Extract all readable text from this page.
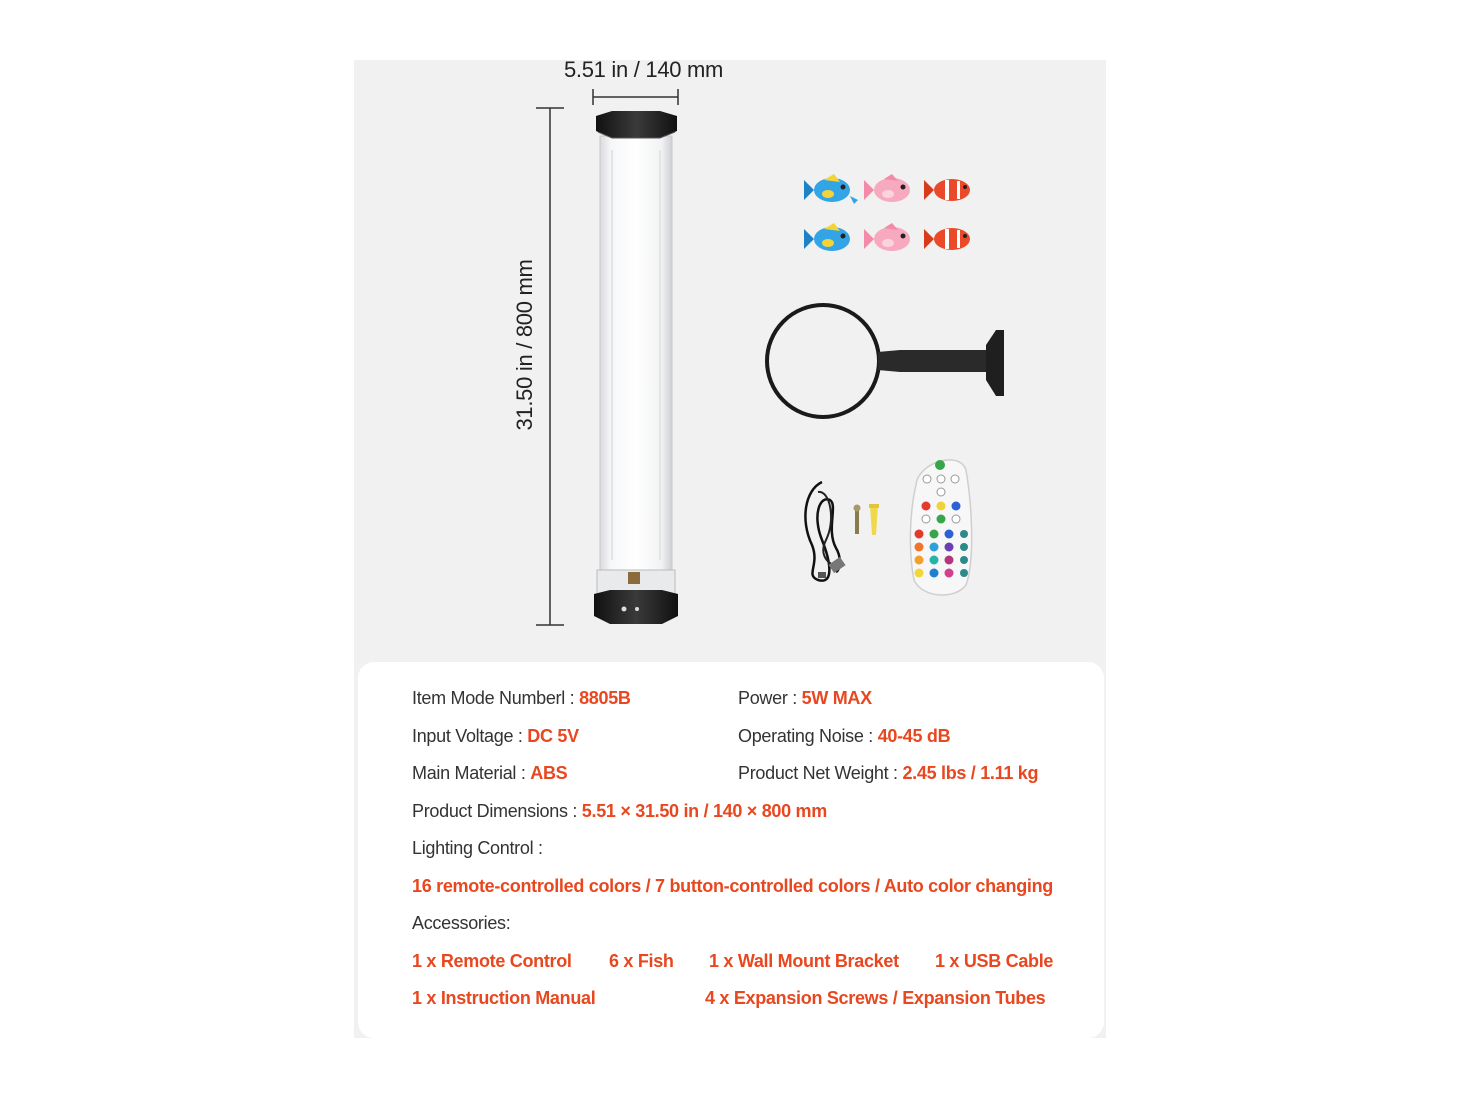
5.51 in / 140 mm
31.50 in / 800 mm
Item Mode Numberl : 8805B	Power : 5W MAX
Input Voltage : DC 5V	Operating Noise : 40-45 dB
Main Material : ABS	Product Net Weight : 2.45 lbs / 1.11 kg
Product Dimensions : 5.51 × 31.50 in / 140 × 800 mm
Lighting Control :
16 remote-controlled colors / 7 button-controlled colors / Auto color changing
Accessories:
1 x Remote Control 6 x Fish 1 x Wall Mount Bracket 1 x USB Cable
1 x Instruction Manual	4 x Expansion Screws / Expansion Tubes
